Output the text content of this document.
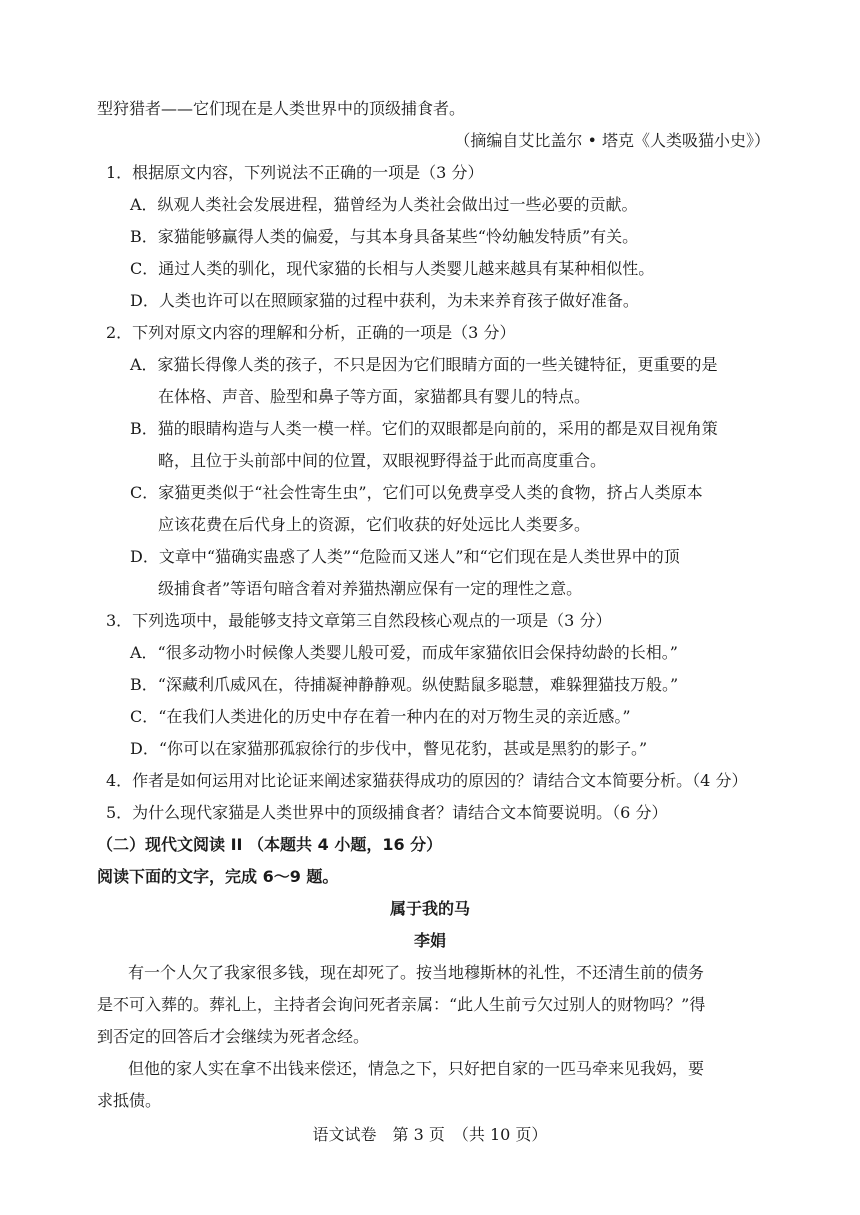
型狩猎者——它们现在是人类世界中的顶级捕食者。
（摘编自艾比盖尔 • 塔克《人类吸猫小史》）
1．根据原文内容，下列说法不正确的一项是（3 分）
A．纵观人类社会发展进程，猫曾经为人类社会做出过一些必要的贡献。
B．家猫能够赢得人类的偏爱，与其本身具备某些“怜幼触发特质”有关。
C．通过人类的驯化，现代家猫的长相与人类婴儿越来越具有某种相似性。
D．人类也许可以在照顾家猫的过程中获利，为未来养育孩子做好准备。
2．下列对原文内容的理解和分析，正确的一项是（3 分）
A．家猫长得像人类的孩子，不只是因为它们眼睛方面的一些关键特征，更重要的是
在体格、声音、脸型和鼻子等方面，家猫都具有婴儿的特点。
B．猫的眼睛构造与人类一模一样。它们的双眼都是向前的，采用的都是双目视角策
略，且位于头前部中间的位置，双眼视野得益于此而高度重合。
C．家猫更类似于“社会性寄生虫”，它们可以免费享受人类的食物，挤占人类原本
应该花费在后代身上的资源，它们收获的好处远比人类要多。
D．文章中“猫确实蛊惑了人类”“危险而又迷人”和“它们现在是人类世界中的顶
级捕食者”等语句暗含着对养猫热潮应保有一定的理性之意。
3．下列选项中，最能够支持文章第三自然段核心观点的一项是（3 分）
A．“很多动物小时候像人类婴儿般可爱，而成年家猫依旧会保持幼龄的长相。”
B．“深藏利爪威风在，待捕凝神静静观。纵使黠鼠多聪慧，难躲狸猫技万般。”
C．“在我们人类进化的历史中存在着一种内在的对万物生灵的亲近感。”
D．“你可以在家猫那孤寂徐行的步伐中，瞥见花豹，甚或是黑豹的影子。”
4．作者是如何运用对比论证来阐述家猫获得成功的原因的？请结合文本简要分析。（4 分）
5．为什么现代家猫是人类世界中的顶级捕食者？请结合文本简要说明。（6 分）
（二）现代文阅读 II （本题共 4 小题，16 分）
阅读下面的文字，完成 6～9 题。
属于我的马
李娟
有一个人欠了我家很多钱，现在却死了。按当地穆斯林的礼性，不还清生前的债务
是不可入葬的。葬礼上，主持者会询问死者亲属：“此人生前亏欠过别人的财物吗？”得
到否定的回答后才会继续为死者念经。
但他的家人实在拿不出钱来偿还，情急之下，只好把自家的一匹马牵来见我妈，要
求抵债。
语文试卷　第 3 页　（共 10 页）
